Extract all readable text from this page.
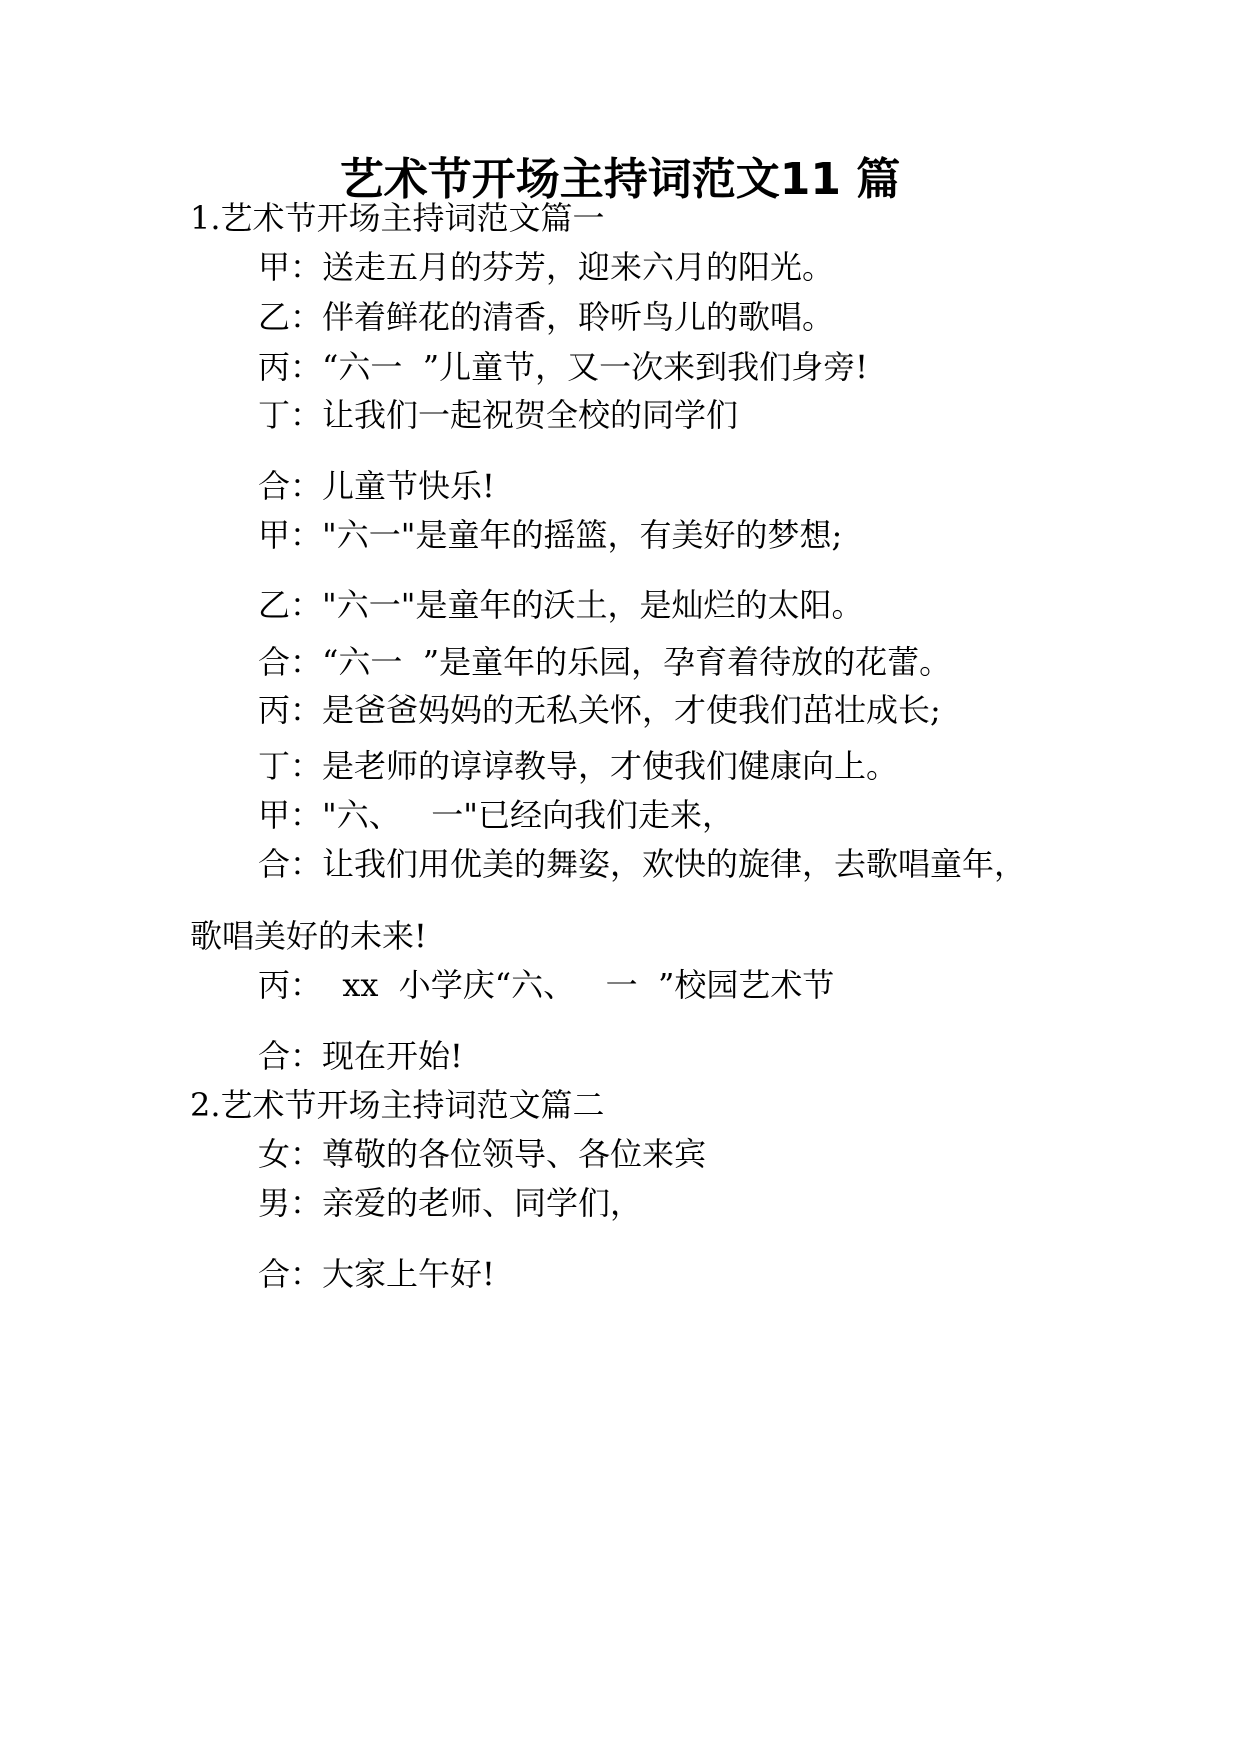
艺术节开场主持词范文11 篇
1.艺术节开场主持词范文篇一
甲：送走五月的芬芳，迎来六月的阳光。
乙：伴着鲜花的清香，聆听鸟儿的歌唱。
丙：“六一  ”儿童节，又一次来到我们身旁!
丁：让我们一起祝贺全校的同学们
合：儿童节快乐!
甲："六一"是童年的摇篮，有美好的梦想;
乙："六一"是童年的沃土，是灿烂的太阳。
合：“六一  ”是童年的乐园，孕育着待放的花蕾。
丙：是爸爸妈妈的无私关怀，才使我们茁壮成长;
丁：是老师的谆谆教导，才使我们健康向上。
甲："六、   一"已经向我们走来，
合：让我们用优美的舞姿，欢快的旋律，去歌唱童年，
歌唱美好的未来!
丙：  xx  小学庆“六、   一  ”校园艺术节
合：现在开始!
2.艺术节开场主持词范文篇二
女：尊敬的各位领导、各位来宾
男：亲爱的老师、同学们，
合：大家上午好!
